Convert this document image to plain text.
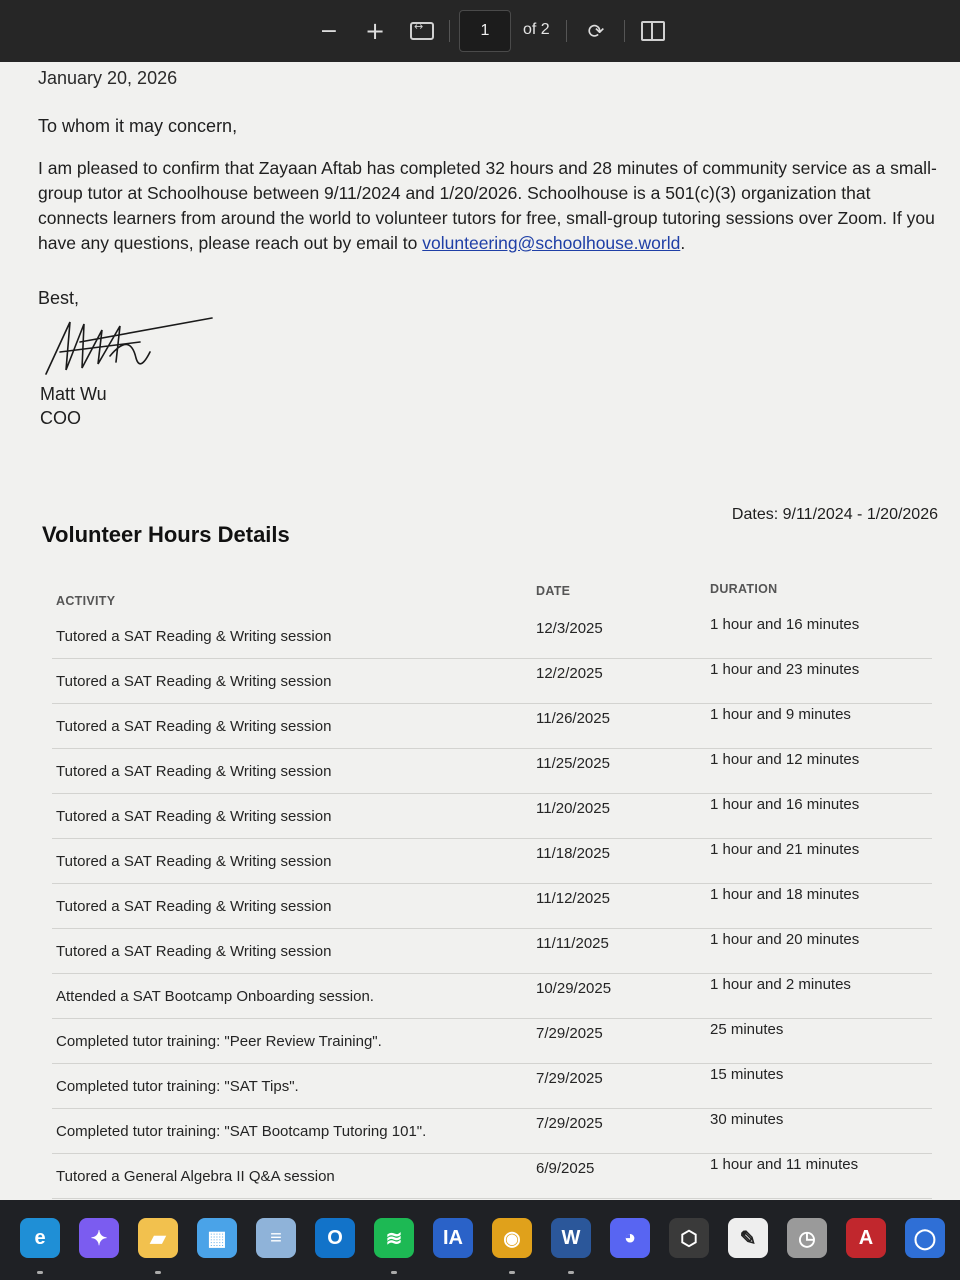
− +
↔	1	of 2 ⟳
January 20, 2026
To whom it may concern,
I am pleased to confirm that Zayaan Aftab has completed 32 hours and 28 minutes of community service as a small-group tutor at Schoolhouse between 9/11/2024 and 1/20/2026. Schoolhouse is a 501(c)(3) organization that connects learners from around the world to volunteer tutors for free, small-group tutoring sessions over Zoom. If you have any questions, please reach out by email to volunteering@schoolhouse.world.
Best,
Matt Wu
COO
Volunteer Hours Details
Dates: 9/11/2024 - 1/20/2026
ACTIVITY
DATE	DURATION
Tutored a SAT Reading & Writing session	12/3/2025	1 hour and 16 minutes
Tutored a SAT Reading & Writing session	12/2/2025	1 hour and 23 minutes
Tutored a SAT Reading & Writing session	11/26/2025	1 hour and 9 minutes
Tutored a SAT Reading & Writing session	11/25/2025	1 hour and 12 minutes
Tutored a SAT Reading & Writing session	11/20/2025	1 hour and 16 minutes
Tutored a SAT Reading & Writing session	11/18/2025	1 hour and 21 minutes
Tutored a SAT Reading & Writing session	11/12/2025	1 hour and 18 minutes
Tutored a SAT Reading & Writing session	11/11/2025	1 hour and 20 minutes
Attended a SAT Bootcamp Onboarding session.	10/29/2025	1 hour and 2 minutes
Completed tutor training: "Peer Review Training".	7/29/2025	25 minutes
Completed tutor training: "SAT Tips".	7/29/2025	15 minutes
Completed tutor training: "SAT Bootcamp Tutoring 101".	7/29/2025	30 minutes
Tutored a General Algebra II Q&A session	6/9/2025	1 hour and 11 minutes
e	✦	▰	▦	≡	O	≋	IA	◉	W	◕	⬡	✎	◷	A	◯
